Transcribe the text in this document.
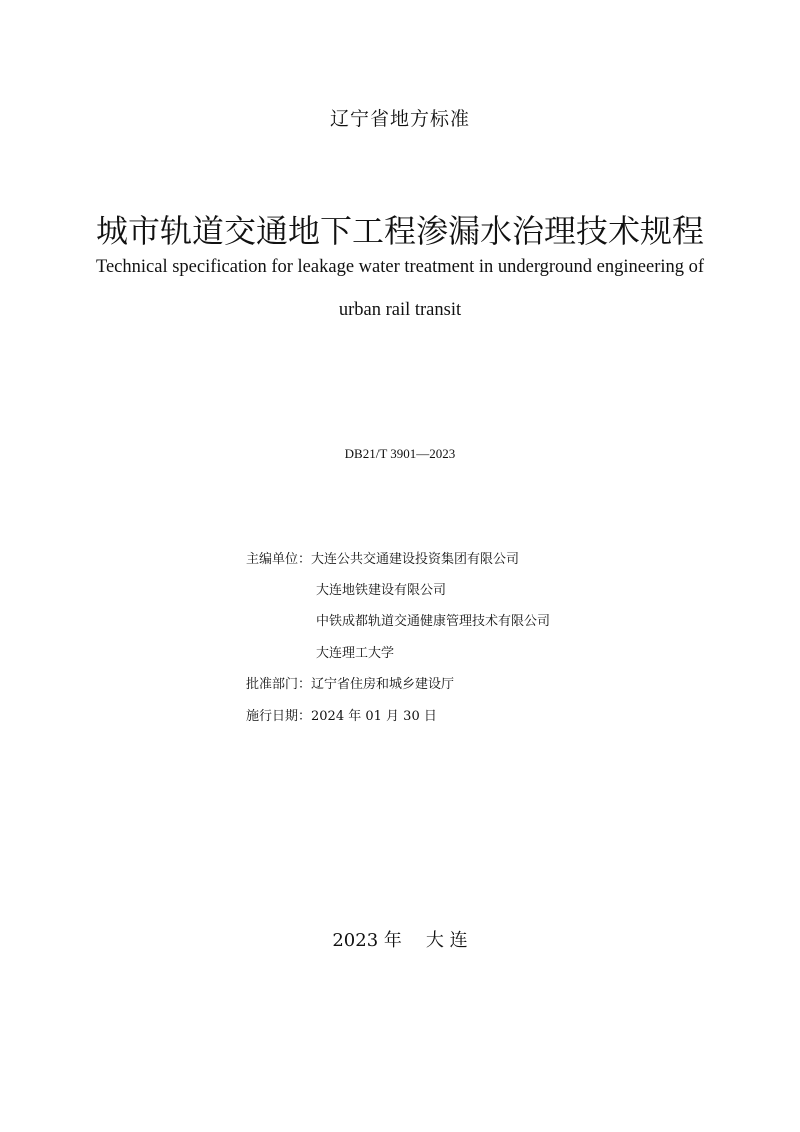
辽宁省地方标准
城市轨道交通地下工程渗漏水治理技术规程
Technical specification for leakage water treatment in underground engineering of
urban rail transit
DB21/T 3901—2023
主编单位：大连公共交通建设投资集团有限公司
大连地铁建设有限公司
中铁成都轨道交通健康管理技术有限公司
大连理工大学
批准部门：辽宁省住房和城乡建设厅
施行日期：2024 年 01 月 30 日
2023 年 大 连
